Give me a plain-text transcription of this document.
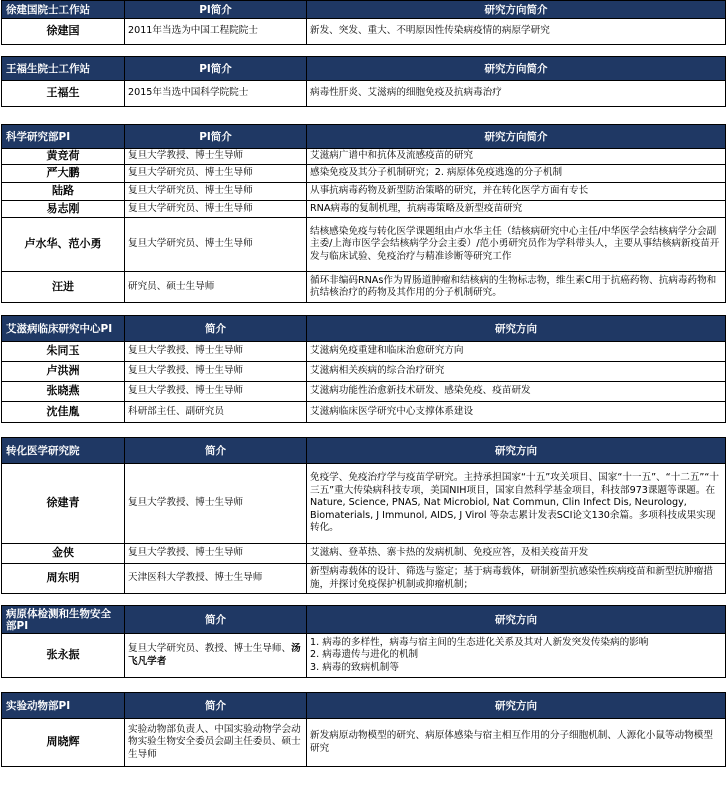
徐建国院士工作站	PI简介	研究方向简介
徐建国	2011年当选为中国工程院院士	新发、突发、重大、不明原因性传染病疫情的病原学研究

王福生院士工作站	PI简介	研究方向简介
王福生	2015年当选中国科学院院士	病毒性肝炎、艾滋病的细胞免疫及抗病毒治疗

科学研究部PI	PI简介	研究方向简介
黄竞荷	复旦大学教授、博士生导师	艾滋病广谱中和抗体及流感疫苗的研究
严大鹏	复旦大学研究员、博士生导师	感染免疫及其分子机制研究；2. 病原体免疫逃逸的分子机制
陆路	复旦大学研究员、博士生导师	从事抗病毒药物及新型防治策略的研究，并在转化医学方面有专长
易志刚	复旦大学研究员、博士生导师	RNA病毒的复制机理，抗病毒策略及新型疫苗研究
卢水华、范小勇	复旦大学研究员、博士生导师	结核感染免疫与转化医学课题组由卢水华主任（结核病研究中心主任/中华医学会结核病学分会副主委/上海市医学会结核病学分会主委）/范小勇研究员作为学科带头人，主要从事结核病新疫苗开发与临床试验、免疫治疗与精准诊断等研究工作
汪进	研究员、硕士生导师	循环非编码RNAs作为胃肠道肿瘤和结核病的生物标志物，维生素C用于抗癌药物、抗病毒药物和抗结核治疗的药物及其作用的分子机制研究。

艾滋病临床研究中心PI	简介	研究方向
朱同玉	复旦大学教授、博士生导师	艾滋病免疫重建和临床治愈研究方向
卢洪洲	复旦大学教授、博士生导师	艾滋病相关疾病的综合治疗研究
张晓燕	复旦大学教授、博士生导师	艾滋病功能性治愈新技术研发、感染免疫、疫苗研发
沈佳胤	科研部主任、副研究员	艾滋病临床医学研究中心支撑体系建设

转化医学研究院	简介	研究方向
徐建青	复旦大学教授、博士生导师	免疫学、免疫治疗学与疫苗学研究。主持承担国家“十五”攻关项目、国家“十一五”、“十二五”“十三五”重大传染病科技专项，美国NIH项目，国家自然科学基金项目，科技部973课题等课题。在Nature, Science, PNAS, Nat Microbiol, Nat Commun, Clin Infect Dis, Neurology, Biomaterials, J Immunol, AIDS, J Virol 等杂志累计发表SCI论文130余篇。多项科技成果实现转化。
金侠	复旦大学教授、博士生导师	艾滋病、登革热、寨卡热的发病机制、免疫应答，及相关疫苗开发
周东明	天津医科大学教授、博士生导师	新型病毒载体的设计、筛选与鉴定；基于病毒载体，研制新型抗感染性疾病疫苗和新型抗肿瘤措施，并探讨免疫保护机制或抑瘤机制；

病原体检测和生物安全部PI	简介	研究方向
张永振	复旦大学研究员、教授、博士生导师、汤飞凡学者	1. 病毒的多样性，病毒与宿主间的生态进化关系及其对人新发突发传染病的影响
2. 病毒遗传与进化的机制
3. 病毒的致病机制等

实验动物部PI	简介	研究方向
周晓辉	实验动物部负责人、中国实验动物学会动物实验生物安全委员会副主任委员、硕士生导师	新发病原动物模型的研究、病原体感染与宿主相互作用的分子细胞机制、人源化小鼠等动物模型研究
